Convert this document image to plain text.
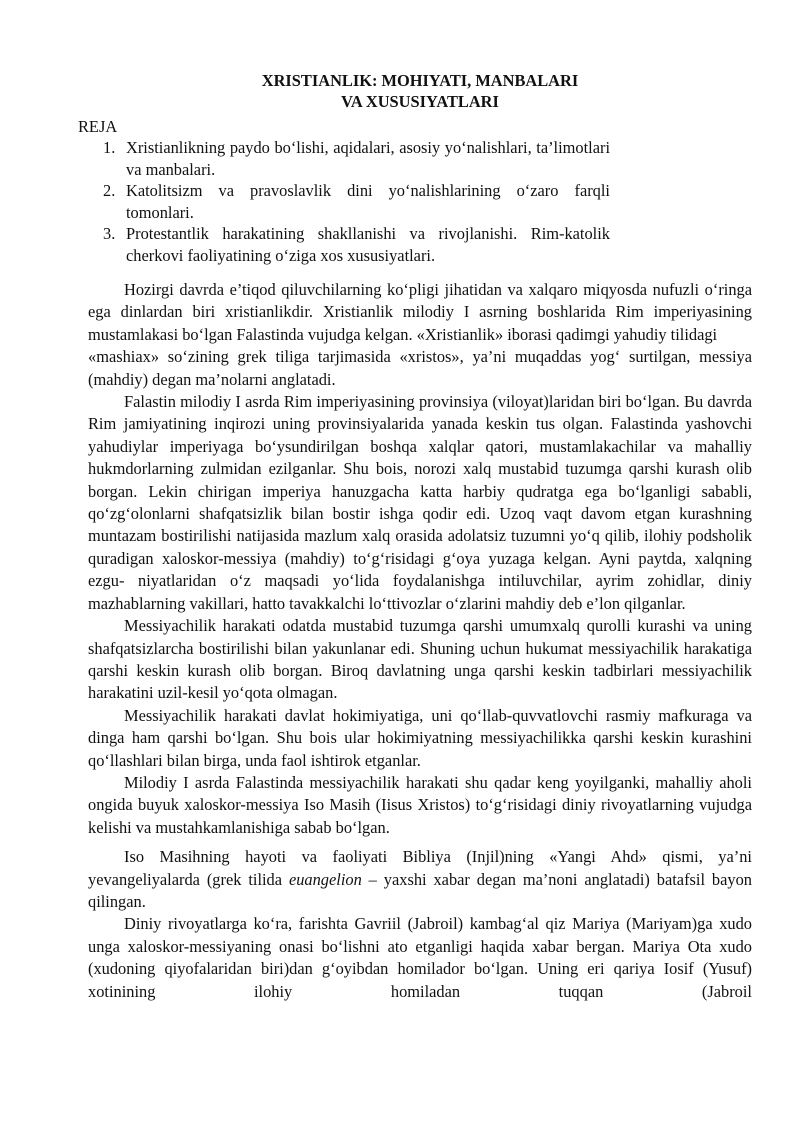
XRISTIANLIK: MOHIYATI, MANBALARI
VA XUSUSIYATLARI
REJA
1. Xristianlikning paydo bo‘lishi, aqidalari, asosiy yo‘nalishlari, ta’limotlari va manbalari.
2. Katolitsizm va pravoslavlik dini yo‘nalishlarining o‘zaro farqli tomonlari.
3. Protestantlik harakatining shakllanishi va rivojlanishi. Rim-katolik cherkovi faoliyatining o‘ziga xos xususiyatlari.

Hozirgi davrda e’tiqod qiluvchilarning ko‘pligi jihatidan va xalqaro miqyosda nufuzli o‘ringa ega dinlardan biri xristianlikdir. Xristianlik milodiy I asrning boshlarida Rim imperiyasining mustamlakasi bo‘lgan Falastinda vujudga kelgan. «Xristianlik» iborasi qadimgi yahudiy tilidagi

«mashiax» so‘zining grek tiliga tarjimasida «xristos», ya’ni muqaddas yog‘ surtilgan, messiya (mahdiy) degan ma’nolarni anglatadi.

Falastin milodiy I asrda Rim imperiyasining provinsiya (viloyat)laridan biri bo‘lgan. Bu davrda Rim jamiyatining inqirozi uning provinsiyalarida yanada keskin tus olgan. Falastinda yashovchi yahudiylar imperiyaga bo‘ysundirilgan boshqa xalqlar qatori, mustamlakachilar va mahalliy hukmdorlarning zulmidan ezilganlar. Shu bois, norozi xalq mustabid tuzumga qarshi kurash olib borgan. Lekin chirigan imperiya hanuzgacha katta harbiy qudratga ega bo‘lganligi sababli, qo‘zg‘olonlarni shafqatsizlik bilan bostir ishga qodir edi. Uzoq vaqt davom etgan kurashning muntazam bostirilishi natijasida mazlum xalq orasida adolatsiz tuzumni yo‘q qilib, ilohiy podsholik quradigan xaloskor-messiya (mahdiy) to‘g‘risidagi g‘oya yuzaga kelgan. Ayni paytda, xalqning ezgu- niyatlaridan o‘z maqsadi yo‘lida foydalanishga intiluvchilar, ayrim zohidlar, diniy mazhablarning vakillari, hatto tavakkalchi lo‘ttivozlar o‘zlarini mahdiy deb e’lon qilganlar.

Messiyachilik harakati odatda mustabid tuzumga qarshi umumxalq qurolli kurashi va uning shafqatsizlarcha bostirilishi bilan yakunlanar edi. Shuning uchun hukumat messiyachilik harakatiga qarshi keskin kurash olib borgan. Biroq davlatning unga qarshi keskin tadbirlari messiyachilik harakatini uzil-kesil yo‘qota olmagan.

Messiyachilik harakati davlat hokimiyatiga, uni qo‘llab-quvvatlovchi rasmiy mafkuraga va dinga ham qarshi bo‘lgan. Shu bois ular hokimiyatning messiyachilikka qarshi keskin kurashini qo‘llashlari bilan birga, unda faol ishtirok etganlar.

Milodiy I asrda Falastinda messiyachilik harakati shu qadar keng yoyilganki, mahalliy aholi ongida buyuk xaloskor-messiya Iso Masih (Iisus Xristos) to‘g‘risidagi diniy rivoyatlarning vujudga kelishi va mustahkamlanishiga sabab bo‘lgan.

Iso Masihning hayoti va faoliyati Bibliya (Injil)ning «Yangi Ahd» qismi, ya’ni yevangeliyalarda (grek tilida euangelion – yaxshi xabar degan ma’noni anglatadi) batafsil bayon qilingan.

Diniy rivoyatlarga ko‘ra, farishta Gavriil (Jabroil) kambag‘al qiz Mariya (Mariyam)ga xudo unga xaloskor-messiyaning onasi bo‘lishni ato etganligi haqida xabar bergan. Mariya Ota xudo (xudoning qiyofalaridan biri)dan g‘oyibdan homilador bo‘lgan. Uning eri qariya Iosif (Yusuf) xotinining ilohiy homiladan tuqqan (Jabroil
